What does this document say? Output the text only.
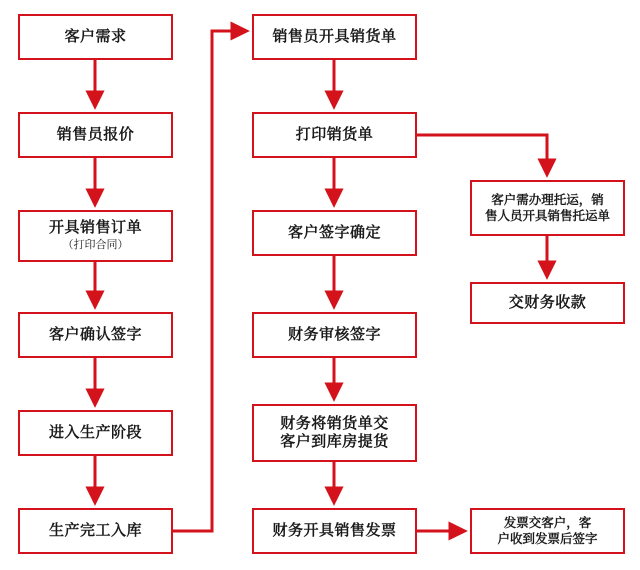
客户需求
销售员报价
开具销售订单
（打印合同）
客户确认签字
进入生产阶段
生产完工入库
销售员开具销货单
打印销货单
客户签字确定
财务审核签字
财务将销货单交
客户到库房提货
财务开具销售发票
客户需办理托运，销
售人员开具销售托运单
交财务收款
发票交客户，客
户收到发票后签字
